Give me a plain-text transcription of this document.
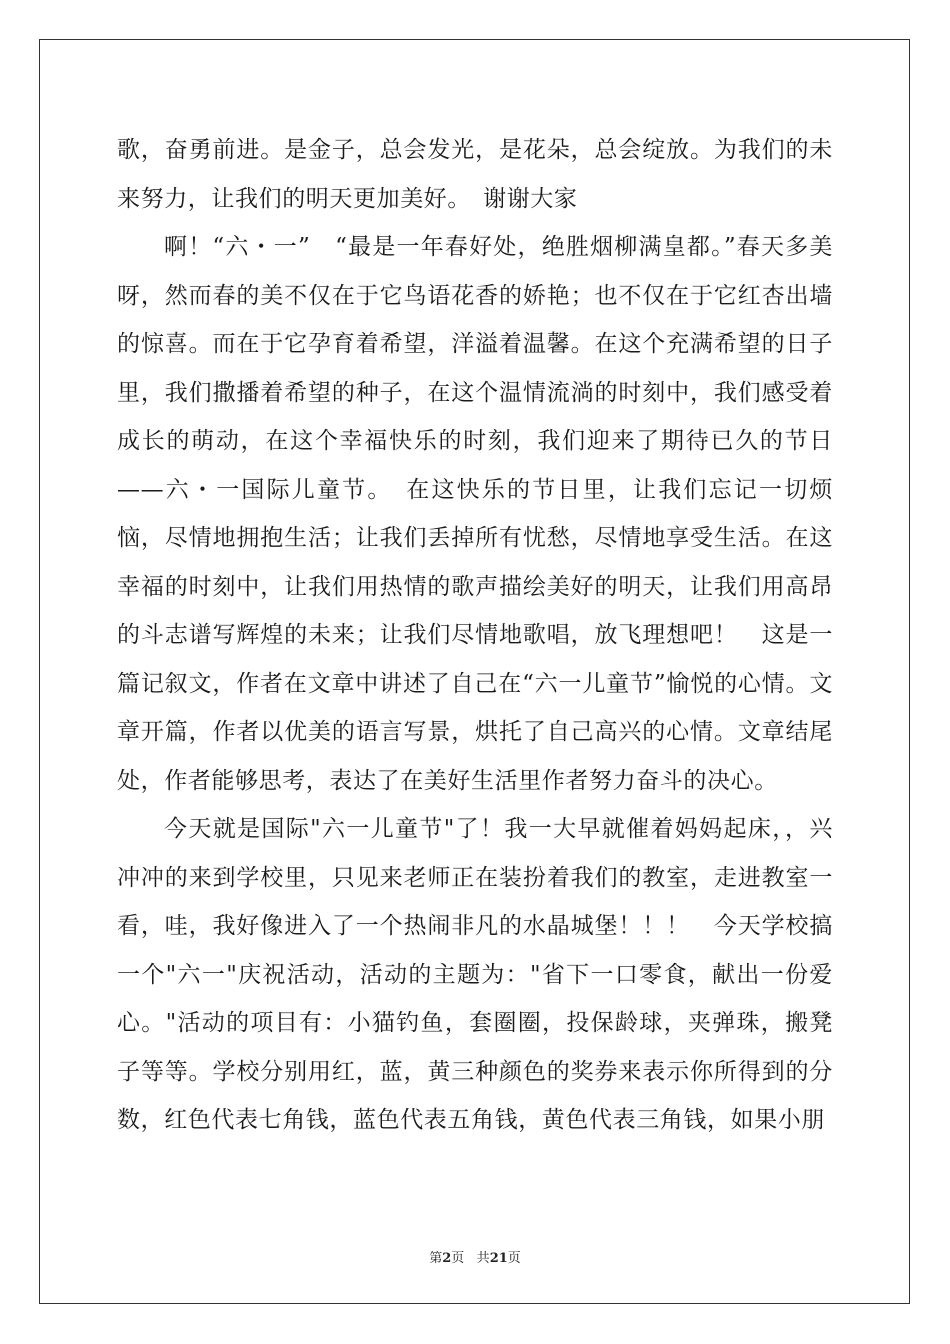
歌，奋勇前进。是金子，总会发光，是花朵，总会绽放。为我们的未来努力，让我们的明天更加美好。　谢谢大家

啊！“六・一”　“最是一年春好处，绝胜烟柳满皇都。”春天多美呀，然而春的美不仅在于它鸟语花香的娇艳；也不仅在于它红杏出墙的惊喜。而在于它孕育着希望，洋溢着温馨。在这个充满希望的日子里，我们撒播着希望的种子，在这个温情流淌的时刻中，我们感受着成长的萌动，在这个幸福快乐的时刻，我们迎来了期待已久的节日——六・一国际儿童节。　在这快乐的节日里，让我们忘记一切烦恼，尽情地拥抱生活；让我们丢掉所有忧愁，尽情地享受生活。在这幸福的时刻中，让我们用热情的歌声描绘美好的明天，让我们用高昂的斗志谱写辉煌的未来；让我们尽情地歌唱，放飞理想吧！　这是一篇记叙文，作者在文章中讲述了自己在“六一儿童节”愉悦的心情。文章开篇，作者以优美的语言写景，烘托了自己高兴的心情。文章结尾处，作者能够思考，表达了在美好生活里作者努力奋斗的决心。

今天就是国际"六一儿童节"了！我一大早就催着妈妈起床，，兴冲冲的来到学校里，只见来老师正在装扮着我们的教室，走进教室一看，哇，我好像进入了一个热闹非凡的水晶城堡！！！　今天学校搞一个"六一"庆祝活动，活动的主题为："省下一口零食，献出一份爱心。"活动的项目有：小猫钓鱼，套圈圈，投保龄球，夹弹珠，搬凳子等等。学校分别用红，蓝，黄三种颜色的奖券来表示你所得到的分数，红色代表七角钱，蓝色代表五角钱，黄色代表三角钱，如果小朋

第2页 共21页
